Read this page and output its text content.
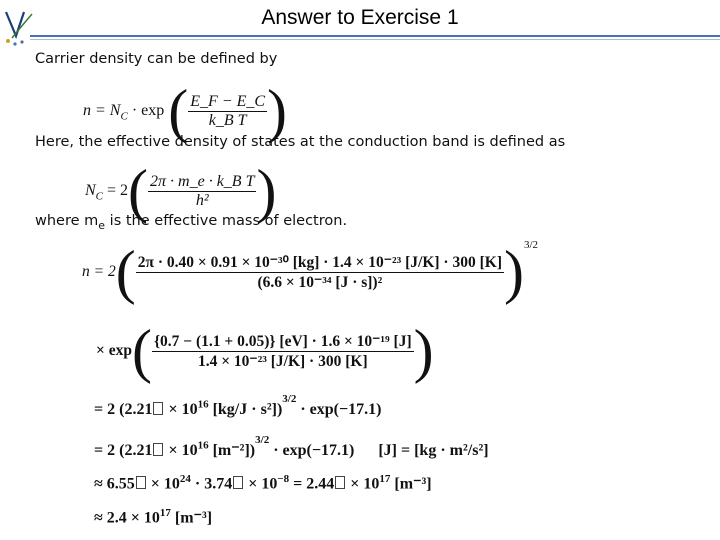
Answer to Exercise 1
Carrier density can be defined by
$n = N_C \cdot \exp$ ( $\frac{E\_F - E\_C}{\text{k\_B T}}$ )
Here, the effective density of states at the conduction band is defined as
$N_C = 2( \frac{\text{2π · m\_e · k\_B T}}{\text{h²}}$ )
where $m_e$ is the effective mass of electron.
$n = 2( \frac{\text{2π · 0.40 × 0.91 × 10⁻³⁰ [kg] · 1.4 × 10⁻²³ [J/K] · 300 [K]}}{\text{(6.6 × 10⁻³⁴ [J · s])²}} )^{3/2}$
× $\exp( \frac{\text{\{0.7 − (1.1 + 0.05)\} [eV] · 1.6 × 10⁻¹⁹ [J]}}{\text{1.4 × 10⁻²³ [J/K] · 300 [K]}}$ )
= 2 ($2.21 \times 10^{16}$ [kg/J · s²])$^{3/2}$ · exp(−17.1)
= 2 ($2.21 \times 10^{16}$ [m⁻²])$^{3/2}$ · exp(−17.1) [J] = [kg · m²/s²]
≈ $6.55 \times 10^{24} \cdot 3.74 \times 10^{-8} = 2.44 \times 10^{17}$ [m⁻³]
≈ $2.4 \times 10^{17}$ [m⁻³]
